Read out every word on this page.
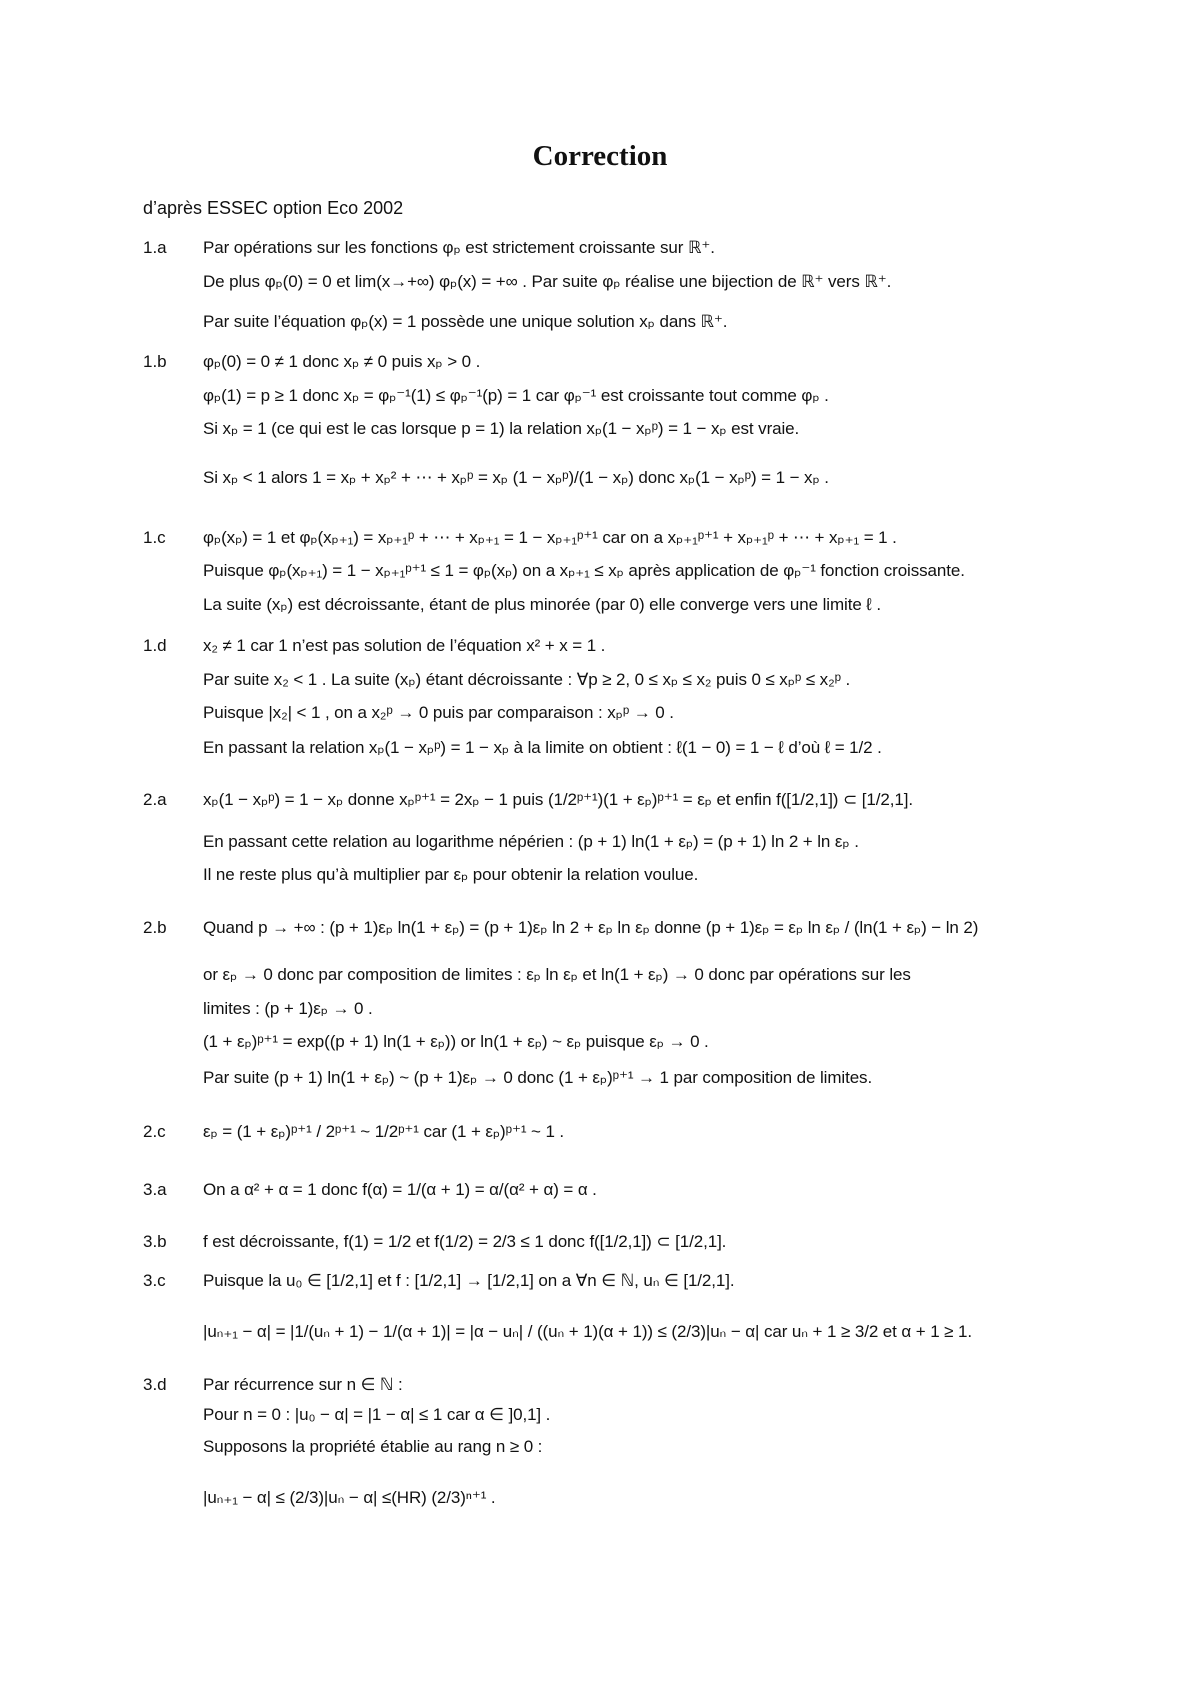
Correction
d’après ESSEC option Eco 2002
1.a Par opérations sur les fonctions φₚ est strictement croissante sur ℝ⁺.
De plus φₚ(0) = 0 et lim(x→+∞) φₚ(x) = +∞ . Par suite φₚ réalise une bijection de ℝ⁺ vers ℝ⁺.
Par suite l’équation φₚ(x) = 1 possède une unique solution xₚ dans ℝ⁺.
1.b φₚ(0) = 0 ≠ 1 donc xₚ ≠ 0 puis xₚ > 0 .
φₚ(1) = p ≥ 1 donc xₚ = φₚ⁻¹(1) ≤ φₚ⁻¹(p) = 1 car φₚ⁻¹ est croissante tout comme φₚ .
Si xₚ = 1 (ce qui est le cas lorsque p = 1) la relation xₚ(1 − xₚᵖ) = 1 − xₚ est vraie.
Si xₚ < 1 alors 1 = xₚ + xₚ² + ⋯ + xₚᵖ = xₚ (1 − xₚᵖ)/(1 − xₚ) donc xₚ(1 − xₚᵖ) = 1 − xₚ .
1.c φₚ(xₚ) = 1 et φₚ(xₚ₊₁) = xₚ₊₁ᵖ + ⋯ + xₚ₊₁ = 1 − xₚ₊₁ᵖ⁺¹ car on a xₚ₊₁ᵖ⁺¹ + xₚ₊₁ᵖ + ⋯ + xₚ₊₁ = 1 .
Puisque φₚ(xₚ₊₁) = 1 − xₚ₊₁ᵖ⁺¹ ≤ 1 = φₚ(xₚ) on a xₚ₊₁ ≤ xₚ après application de φₚ⁻¹ fonction croissante.
La suite (xₚ) est décroissante, étant de plus minorée (par 0) elle converge vers une limite ℓ .
1.d x₂ ≠ 1 car 1 n’est pas solution de l’équation x² + x = 1 .
Par suite x₂ < 1 . La suite (xₚ) étant décroissante : ∀p ≥ 2, 0 ≤ xₚ ≤ x₂ puis 0 ≤ xₚᵖ ≤ x₂ᵖ .
Puisque |x₂| < 1 , on a x₂ᵖ → 0 puis par comparaison : xₚᵖ → 0 .
En passant la relation xₚ(1 − xₚᵖ) = 1 − xₚ à la limite on obtient : ℓ(1 − 0) = 1 − ℓ d’où ℓ = 1/2 .
2.a xₚ(1 − xₚᵖ) = 1 − xₚ donne xₚᵖ⁺¹ = 2xₚ − 1 puis (1/2ᵖ⁺¹)(1 + εₚ)ᵖ⁺¹ = εₚ et enfin f([1/2,1]) ⊂ [1/2,1].
En passant cette relation au logarithme népérien : (p + 1) ln(1 + εₚ) = (p + 1) ln 2 + ln εₚ .
Il ne reste plus qu’à multiplier par εₚ pour obtenir la relation voulue.
2.b Quand p → +∞ : (p + 1)εₚ ln(1 + εₚ) = (p + 1)εₚ ln 2 + εₚ ln εₚ donne (p + 1)εₚ = εₚ ln εₚ / (ln(1 + εₚ) − ln 2)
or εₚ → 0 donc par composition de limites : εₚ ln εₚ et ln(1 + εₚ) → 0 donc par opérations sur les
limites : (p + 1)εₚ → 0 .
(1 + εₚ)ᵖ⁺¹ = exp((p + 1) ln(1 + εₚ)) or ln(1 + εₚ) ~ εₚ puisque εₚ → 0 .
Par suite (p + 1) ln(1 + εₚ) ~ (p + 1)εₚ → 0 donc (1 + εₚ)ᵖ⁺¹ → 1 par composition de limites.
2.c εₚ = (1 + εₚ)ᵖ⁺¹ / 2ᵖ⁺¹ ~ 1/2ᵖ⁺¹ car (1 + εₚ)ᵖ⁺¹ ~ 1 .
3.a On a α² + α = 1 donc f(α) = 1/(α + 1) = α/(α² + α) = α .
3.b f est décroissante, f(1) = 1/2 et f(1/2) = 2/3 ≤ 1 donc f([1/2,1]) ⊂ [1/2,1].
3.c Puisque la u₀ ∈ [1/2,1] et f : [1/2,1] → [1/2,1] on a ∀n ∈ ℕ, uₙ ∈ [1/2,1].
|uₙ₊₁ − α| = |1/(uₙ + 1) − 1/(α + 1)| = |α − uₙ| / ((uₙ + 1)(α + 1)) ≤ (2/3)|uₙ − α| car uₙ + 1 ≥ 3/2 et α + 1 ≥ 1.
3.d Par récurrence sur n ∈ ℕ :
Pour n = 0 : |u₀ − α| = |1 − α| ≤ 1 car α ∈ ]0,1] .
Supposons la propriété établie au rang n ≥ 0 :
|uₙ₊₁ − α| ≤ (2/3)|uₙ − α| ≤(HR) (2/3)ⁿ⁺¹ .
